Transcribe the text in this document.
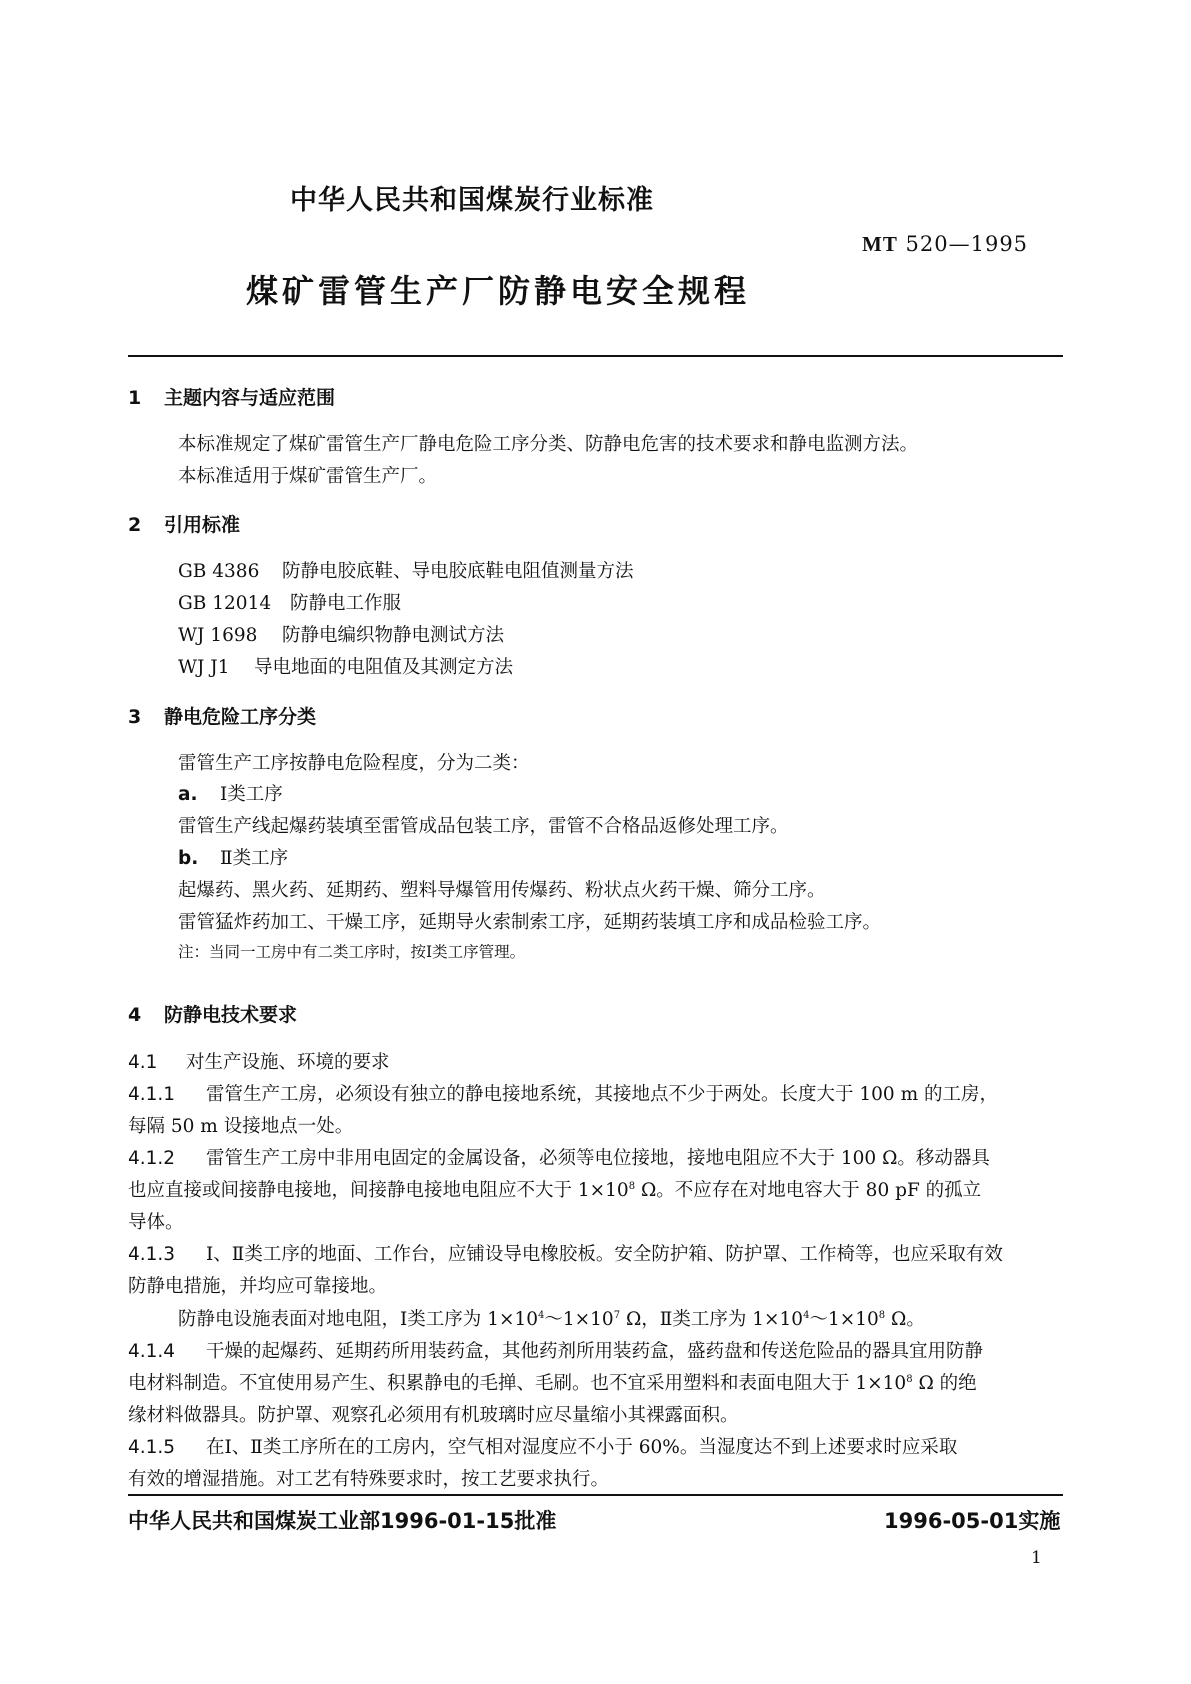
中华人民共和国煤炭行业标准
MT 520—1995
煤矿雷管生产厂防静电安全规程
1 主题内容与适应范围
本标准规定了煤矿雷管生产厂静电危险工序分类、防静电危害的技术要求和静电监测方法。
本标准适用于煤矿雷管生产厂。
2 引用标准
GB 4386 防静电胶底鞋、导电胶底鞋电阻值测量方法
GB 12014 防静电工作服
WJ 1698 防静电编织物静电测试方法
WJ J1 导电地面的电阻值及其测定方法
3 静电危险工序分类
雷管生产工序按静电危险程度，分为二类：
a. Ⅰ类工序
雷管生产线起爆药装填至雷管成品包装工序，雷管不合格品返修处理工序。
b. Ⅱ类工序
起爆药、黑火药、延期药、塑料导爆管用传爆药、粉状点火药干燥、筛分工序。
雷管猛炸药加工、干燥工序，延期导火索制索工序，延期药装填工序和成品检验工序。
注：当同一工房中有二类工序时，按Ⅰ类工序管理。
4 防静电技术要求
4.1 对生产设施、环境的要求
4.1.1 雷管生产工房，必须设有独立的静电接地系统，其接地点不少于两处。长度大于 100 m 的工房，
每隔 50 m 设接地点一处。
4.1.2 雷管生产工房中非用电固定的金属设备，必须等电位接地，接地电阻应不大于 100 Ω。移动器具
也应直接或间接静电接地，间接静电接地电阻应不大于 $1\times 10^8$ Ω。不应存在对地电容大于 80 pF 的孤立
导体。
4.1.3 Ⅰ、Ⅱ类工序的地面、工作台，应铺设导电橡胶板。安全防护箱、防护罩、工作椅等，也应采取有效
防静电措施，并均应可靠接地。
防静电设施表面对地电阻，Ⅰ类工序为 $1\times 10^4\sim 1\times 10^7$ Ω，Ⅱ类工序为 $1\times 10^4\sim 1\times 10^8$ Ω。
4.1.4 干燥的起爆药、延期药所用装药盒，其他药剂所用装药盒，盛药盘和传送危险品的器具宜用防静
电材料制造。不宜使用易产生、积累静电的毛掸、毛刷。也不宜采用塑料和表面电阻大于 $1\times 10^8$ Ω 的绝
缘材料做器具。防护罩、观察孔必须用有机玻璃时应尽量缩小其裸露面积。
4.1.5 在Ⅰ、Ⅱ类工序所在的工房内，空气相对湿度应不小于 60%。当湿度达不到上述要求时应采取
有效的增湿措施。对工艺有特殊要求时，按工艺要求执行。
中华人民共和国煤炭工业部1996-01-15批准	1996-05-01实施
1
